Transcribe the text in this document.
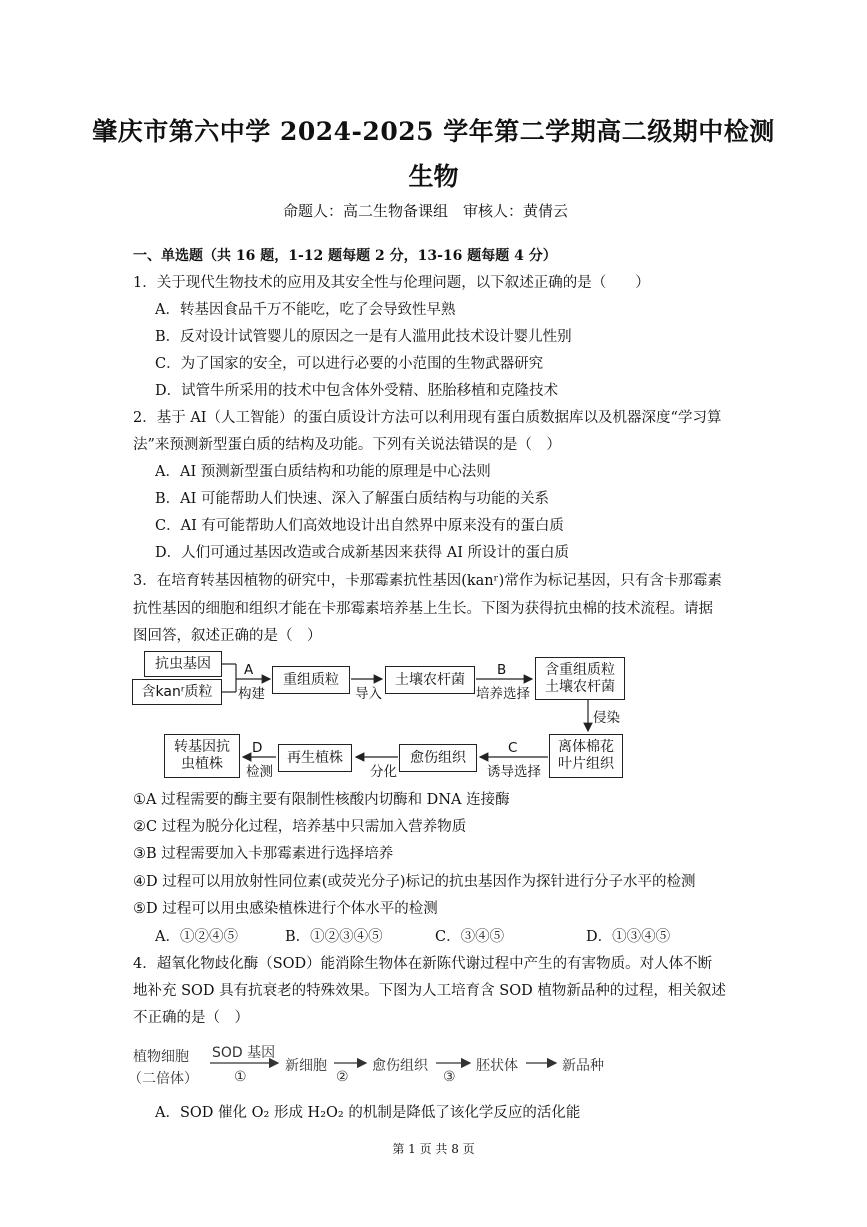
肇庆市第六中学 2024-2025 学年第二学期高二级期中检测
生物
命题人：高二生物备课组　审核人：黄倩云
一、单选题（共 16 题，1-12 题每题 2 分，13-16 题每题 4 分）
1．关于现代生物技术的应用及其安全性与伦理问题，以下叙述正确的是（　　）
A．转基因食品千万不能吃，吃了会导致性早熟
B．反对设计试管婴儿的原因之一是有人滥用此技术设计婴儿性别
C．为了国家的安全，可以进行必要的小范围的生物武器研究
D．试管牛所采用的技术中包含体外受精、胚胎移植和克隆技术
2．基于 AI（人工智能）的蛋白质设计方法可以利用现有蛋白质数据库以及机器深度“学习算
法”来预测新型蛋白质的结构及功能。下列有关说法错误的是（　）
A．AI 预测新型蛋白质结构和功能的原理是中心法则
B．AI 可能帮助人们快速、深入了解蛋白质结构与功能的关系
C．AI 有可能帮助人们高效地设计出自然界中原来没有的蛋白质
D．人们可通过基因改造或合成新基因来获得 AI 所设计的蛋白质
3．在培育转基因植物的研究中，卡那霉素抗性基因(kanʳ)常作为标记基因，只有含卡那霉素
抗性基因的细胞和组织才能在卡那霉素培养基上生长。下图为获得抗虫棉的技术流程。请据
图回答，叙述正确的是（　）
抗虫基因
含kanʳ质粒
A
构建
重组质粒
导入
土壤农杆菌
B
培养选择
含重组质粒
土壤农杆菌
侵染
离体棉花
叶片组织
C
诱导选择
愈伤组织
分化
再生植株
D
检测
转基因抗
虫植株
①A 过程需要的酶主要有限制性核酸内切酶和 DNA 连接酶
②C 过程为脱分化过程，培养基中只需加入营养物质
③B 过程需要加入卡那霉素进行选择培养
④D 过程可以用放射性同位素(或荧光分子)标记的抗虫基因作为探针进行分子水平的检测
⑤D 过程可以用虫感染植株进行个体水平的检测
A．①②④⑤	B．①②③④⑤	C．③④⑤	D．①③④⑤
4．超氧化物歧化酶（SOD）能消除生物体在新陈代谢过程中产生的有害物质。对人体不断
地补充 SOD 具有抗衰老的特殊效果。下图为人工培育含 SOD 植物新品种的过程，相关叙述
不正确的是（　）
植物细胞
（二倍体）
SOD 基因
①
新细胞
②
愈伤组织
③
胚状体	新品种
A．SOD 催化 O₂ 形成 H₂O₂ 的机制是降低了该化学反应的活化能
第 1 页 共 8 页
